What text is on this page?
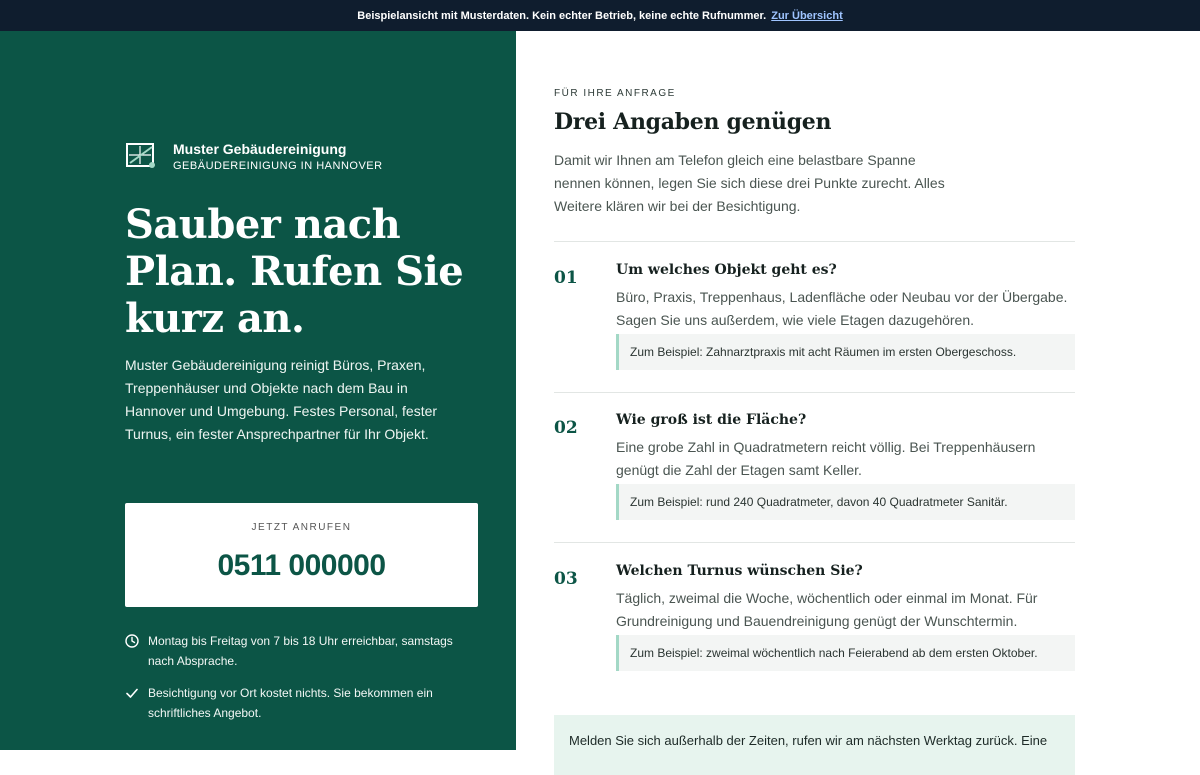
Beispielansicht mit Musterdaten. Kein echter Betrieb, keine echte Rufnummer. Zur Übersicht
Muster Gebäudereinigung
GEBÄUDEREINIGUNG IN HANNOVER
Sauber nach Plan. Rufen Sie kurz an.

Muster Gebäudereinigung reinigt Büros, Praxen, Treppenhäuser und Objekte nach dem Bau in Hannover und Umgebung. Festes Personal, fester Turnus, ein fester Ansprechpartner für Ihr Objekt.

JETZT ANRUFEN
0511 000000
Montag bis Freitag von 7 bis 18 Uhr erreichbar, samstags nach Absprache.
Besichtigung vor Ort kostet nichts. Sie bekommen ein schriftliches Angebot.
FÜR IHRE ANFRAGE
Drei Angaben genügen

Damit wir Ihnen am Telefon gleich eine belastbare Spanne nennen können, legen Sie sich diese drei Punkte zurecht. Alles Weitere klären wir bei der Besichtigung.

01	Um welches Objekt geht es?

Büro, Praxis, Treppenhaus, Ladenfläche oder Neubau vor der Übergabe. Sagen Sie uns außerdem, wie viele Etagen dazugehören.

Zum Beispiel: Zahnarztpraxis mit acht Räumen im ersten Obergeschoss.
02	Wie groß ist die Fläche?

Eine grobe Zahl in Quadratmetern reicht völlig. Bei Treppenhäusern genügt die Zahl der Etagen samt Keller.

Zum Beispiel: rund 240 Quadratmeter, davon 40 Quadratmeter Sanitär.
03	Welchen Turnus wünschen Sie?

Täglich, zweimal die Woche, wöchentlich oder einmal im Monat. Für Grundreinigung und Bauendreinigung genügt der Wunschtermin.

Zum Beispiel: zweimal wöchentlich nach Feierabend ab dem ersten Oktober.
Melden Sie sich außerhalb der Zeiten, rufen wir am nächsten Werktag zurück. Eine
